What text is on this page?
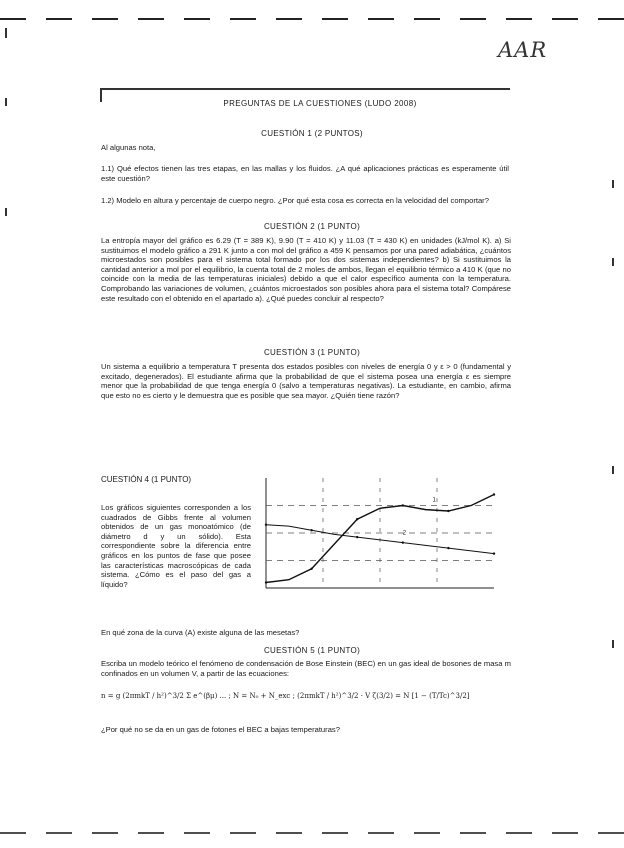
AAR
PREGUNTAS DE LA CUESTIONES (LUDO 2008)
CUESTIÓN 1 (2 PUNTOS)
Al algunas nota,
1.1) Qué efectos tienen las tres etapas, en las mallas y los fluidos. ¿A qué aplicaciones prácticas es esperamente útil este cuestión?
1.2) Modelo en altura y percentaje de cuerpo negro. ¿Por qué esta cosa es correcta en la velocidad del comportar?
CUESTIÓN 2 (1 PUNTO)
La entropía mayor del gráfico es 6.29 (T = 389 K), 9.90 (T = 410 K) y 11.03 (T = 430 K) en unidades (kJ/mol K). a) Si sustituimos el modelo gráfico a 291 K junto a con mol del gráfico a 459 K pensamos por una pared adiabática, ¿cuántos microestados son posibles para el sistema total formado por los dos sistemas independientes? b) Si sustituimos la cantidad anterior a mol por el equilibrio, la cuenta total de 2 moles de ambos, llegan el equilibrio térmico a 410 K (que no coincide con la media de las temperaturas iniciales) debido a que el calor específico aumenta con la temperatura. Comprobando las variaciones de volumen, ¿cuántos microestados son posibles ahora para el sistema total? Compárese este resultado con el obtenido en el apartado a). ¿Qué puedes concluir al respecto?
CUESTIÓN 3 (1 PUNTO)
Un sistema a equilibrio a temperatura T presenta dos estados posibles con niveles de energía 0 y ε > 0 (fundamental y excitado, degenerados). El estudiante afirma que la probabilidad de que el sistema posea una energía ε es siempre menor que la probabilidad de que tenga energía 0 (salvo a temperaturas negativas). La estudiante, en cambio, afirma que esto no es cierto y le demuestra que es posible que sea mayor. ¿Quién tiene razón?
CUESTIÓN 4 (1 PUNTO)
Los gráficos siguientes corresponden a los cuadrados de Gibbs frente al volumen obtenidos de un gas monoatómico (de diámetro d y un sólido). Esta correspondiente sobre la diferencia entre gráficos en los puntos de fase que posee las características macroscópicas de cada sistema. ¿Cómo es el paso del gas a líquido?
En qué zona de la curva (A) existe alguna de las mesetas?
1
2
CUESTIÓN 5 (1 PUNTO)
Escriba un modelo teórico el fenómeno de condensación de Bose Einstein (BEC) en un gas ideal de bosones de masa m confinados en un volumen V, a partir de las ecuaciones:
n = g (2πmkT / h²)^3/2 Σ e^(βμ) ... ; N = N₀ + N_exc ; (2πmkT / h²)^3/2 · V ζ(3/2) = N [1 − (T/Tc)^3/2]
¿Por qué no se da en un gas de fotones el BEC a bajas temperaturas?
